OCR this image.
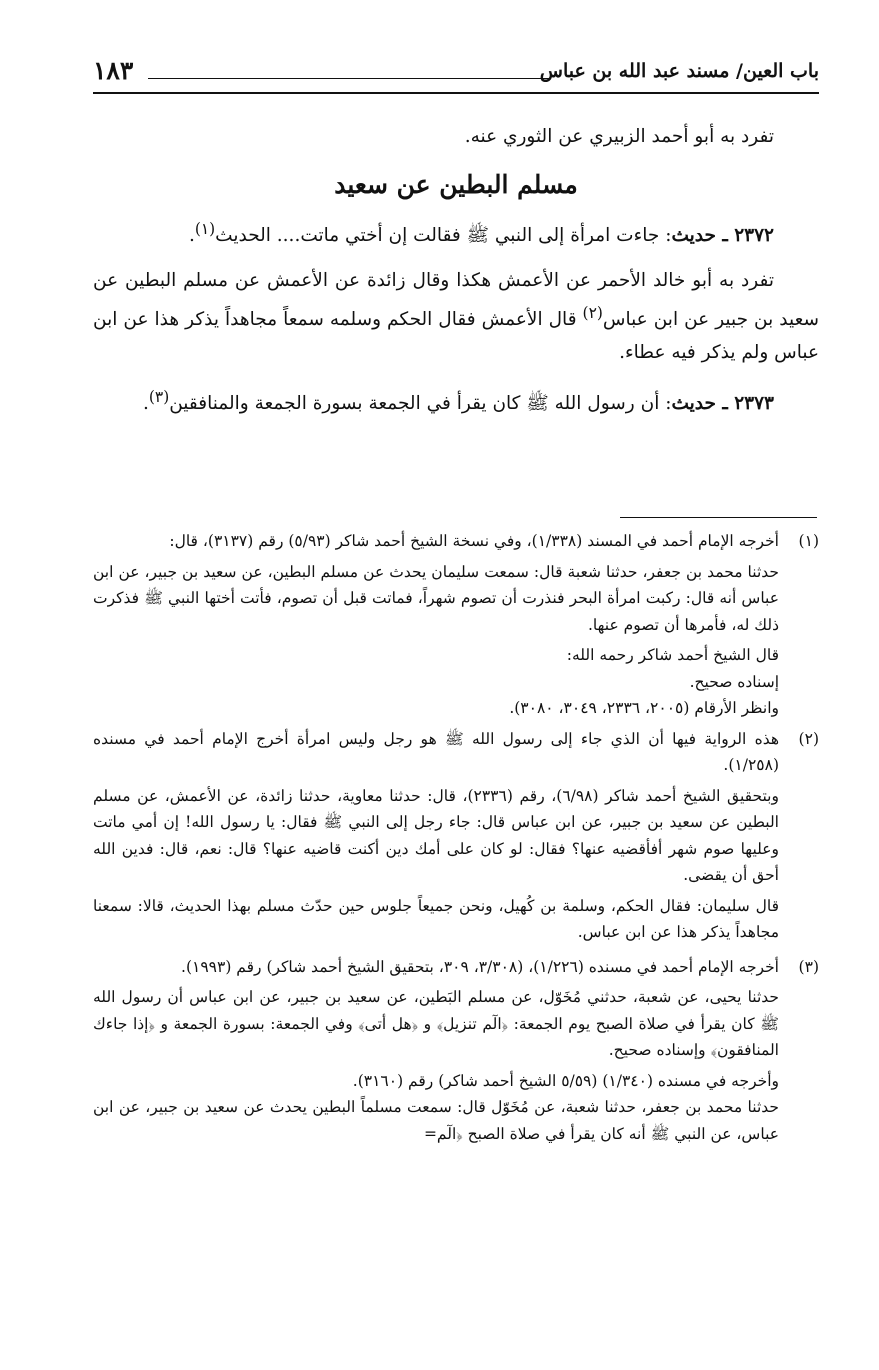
باب العين/ مسند عبد الله بن عباس
١٨٣

تفرد به أبو أحمد الزبيري عن الثوري عنه.

مسلم البطين عن سعيد

٢٣٧٢ ـ حديث: جاءت امرأة إلى النبي ﷺ فقالت إن أختي ماتت.... الحديث$^{(١)}$.

تفرد به أبو خالد الأحمر عن الأعمش هكذا وقال زائدة عن الأعمش عن مسلم البطين عن سعيد بن جبير عن ابن عباس$^{(٢)}$ قال الأعمش فقال الحكم وسلمه سمعاً مجاهداً يذكر هذا عن ابن عباس ولم يذكر فيه عطاء.

٢٣٧٣ ـ حديث: أن رسول الله ﷺ كان يقرأ في الجمعة بسورة الجمعة والمنافقين$^{(٣)}$.

(١)
أخرجه الإمام أحمد في المسند (١/٣٣٨)، وفي نسخة الشيخ أحمد شاكر (٥/٩٣) رقم (٣١٣٧)، قال:
حدثنا محمد بن جعفر، حدثنا شعبة قال: سمعت سليمان يحدث عن مسلم البطين، عن سعيد بن جبير، عن ابن عباس أنه قال: ركبت امرأة البحر فنذرت أن تصوم شهراً، فماتت قبل أن تصوم، فأتت أختها النبي ﷺ فذكرت ذلك له، فأمرها أن تصوم عنها.
قال الشيخ أحمد شاكر رحمه الله:
إسناده صحيح.
وانظر الأرقام (٢٠٠٥، ٢٣٣٦، ٣٠٤٩، ٣٠٨٠).
(٢)
هذه الرواية فيها أن الذي جاء إلى رسول الله ﷺ هو رجل وليس امرأة أخرج الإمام أحمد في مسنده (١/٢٥٨).
وبتحقيق الشيخ أحمد شاكر (٦/٩٨)، رقم (٢٣٣٦)، قال: حدثنا معاوية، حدثنا زائدة، عن الأعمش، عن مسلم البطين عن سعيد بن جبير، عن ابن عباس قال: جاء رجل إلى النبي ﷺ فقال: يا رسول الله! إن أمي ماتت وعليها صوم شهر أفأقضيه عنها؟ فقال: لو كان على أمك دين أكنت قاضيه عنها؟ قال: نعم، قال: فدين الله أحق أن يقضى.
قال سليمان: فقال الحكم، وسلمة بن كُهيل، ونحن جميعاً جلوس حين حدّث مسلم بهذا الحديث، قالا: سمعنا مجاهداً يذكر هذا عن ابن عباس.
(٣)
أخرجه الإمام أحمد في مسنده (١/٢٢٦)، (٣/٣٠٨، ٣٠٩، بتحقيق الشيخ أحمد شاكر) رقم (١٩٩٣).
حدثنا يحيى، عن شعبة، حدثني مُخَوّل، عن مسلم البَطين، عن سعيد بن جبير، عن ابن عباس أن رسول الله ﷺ كان يقرأ في صلاة الصبح يوم الجمعة: ﴿الٓم تنزيل﴾ و ﴿هل أتى﴾ وفي الجمعة: بسورة الجمعة و ﴿إذا جاءك المنافقون﴾ وإسناده صحيح.
وأخرجه في مسنده (١/٣٤٠) (٥/٥٩ الشيخ أحمد شاكر) رقم (٣١٦٠).
حدثنا محمد بن جعفر، حدثنا شعبة، عن مُخَوّل قال: سمعت مسلماً البطين يحدث عن سعيد بن جبير، عن ابن عباس، عن النبي ﷺ أنه كان يقرأ في صلاة الصبح ﴿الٓم=
